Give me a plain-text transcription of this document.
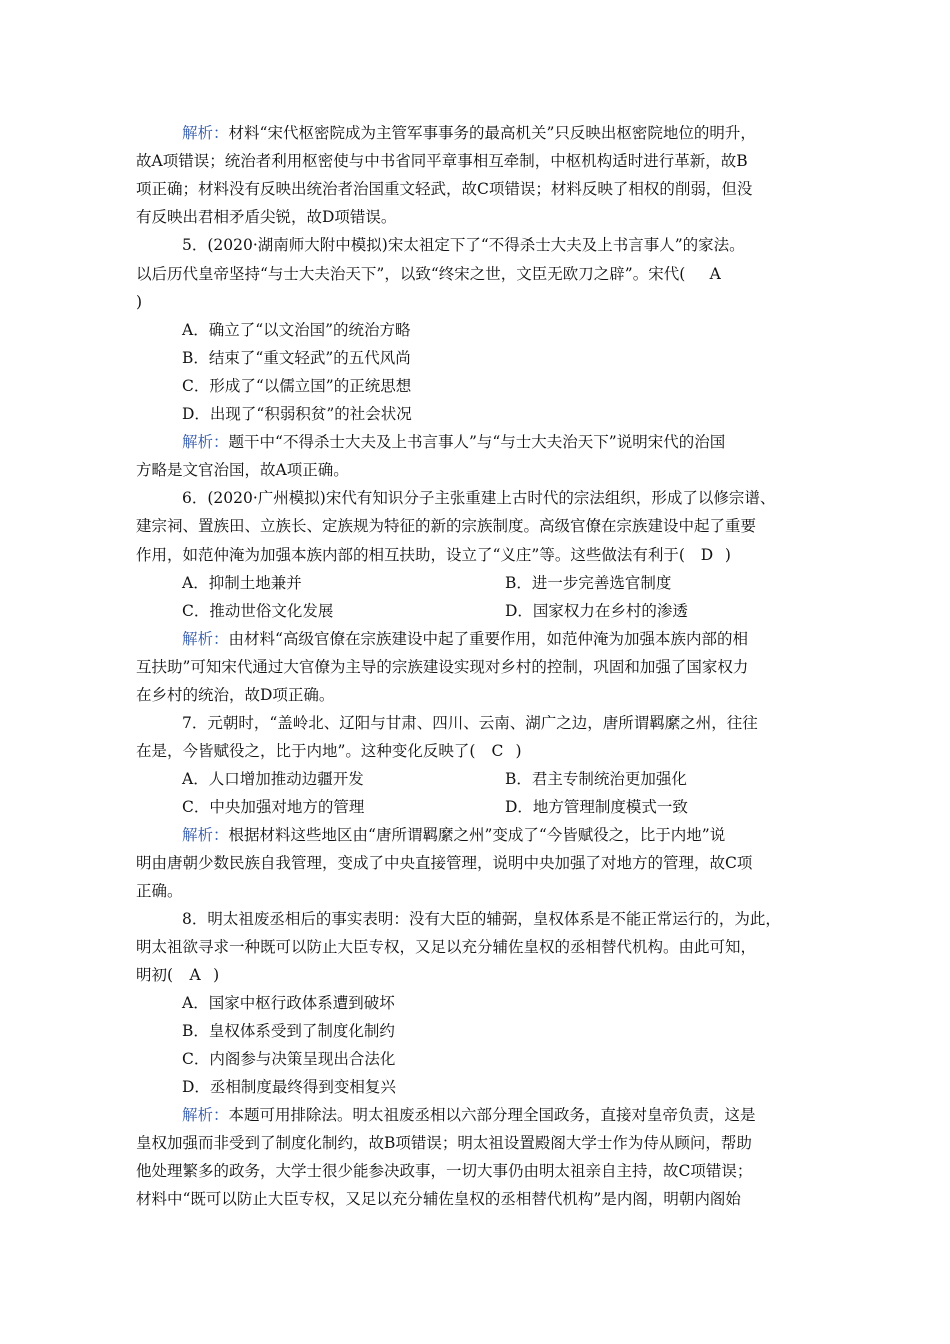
解析：材料“宋代枢密院成为主管军事事务的最高机关”只反映出枢密院地位的明升，
故A项错误；统治者利用枢密使与中书省同平章事相互牵制，中枢机构适时进行革新，故B
项正确；材料没有反映出统治者治国重文轻武，故C项错误；材料反映了相权的削弱，但没
有反映出君相矛盾尖锐，故D项错误。
5．(2020·湖南师大附中模拟)宋太祖定下了“不得杀士大夫及上书言事人”的家法。
以后历代皇帝坚持“与士大夫治天下”，以致“终宋之世，文臣无欧刀之辟”。宋代( A
)
A．确立了“以文治国”的统治方略
B．结束了“重文轻武”的五代风尚
C．形成了“以儒立国”的正统思想
D．出现了“积弱积贫”的社会状况
解析：题干中“不得杀士大夫及上书言事人”与“与士大夫治天下”说明宋代的治国
方略是文官治国，故A项正确。
6．(2020·广州模拟)宋代有知识分子主张重建上古时代的宗法组织，形成了以修宗谱、
建宗祠、置族田、立族长、定族规为特征的新的宗族制度。高级官僚在宗族建设中起了重要
作用，如范仲淹为加强本族内部的相互扶助，设立了“义庄”等。这些做法有利于( D )
A．抑制土地兼并	B．进一步完善选官制度
C．推动世俗文化发展	D．国家权力在乡村的渗透
解析：由材料“高级官僚在宗族建设中起了重要作用，如范仲淹为加强本族内部的相
互扶助”可知宋代通过大官僚为主导的宗族建设实现对乡村的控制，巩固和加强了国家权力
在乡村的统治，故D项正确。
7．元朝时，“盖岭北、辽阳与甘肃、四川、云南、湖广之边，唐所谓羁縻之州，往往
在是，今皆赋役之，比于内地”。这种变化反映了( C )
A．人口增加推动边疆开发	B．君主专制统治更加强化
C．中央加强对地方的管理	D．地方管理制度模式一致
解析：根据材料这些地区由“唐所谓羁縻之州”变成了“今皆赋役之，比于内地”说
明由唐朝少数民族自我管理，变成了中央直接管理，说明中央加强了对地方的管理，故C项
正确。
8．明太祖废丞相后的事实表明：没有大臣的辅弼，皇权体系是不能正常运行的，为此，
明太祖欲寻求一种既可以防止大臣专权，又足以充分辅佐皇权的丞相替代机构。由此可知，
明初( A )
A．国家中枢行政体系遭到破坏
B．皇权体系受到了制度化制约
C．内阁参与决策呈现出合法化
D．丞相制度最终得到变相复兴
解析：本题可用排除法。明太祖废丞相以六部分理全国政务，直接对皇帝负责，这是
皇权加强而非受到了制度化制约，故B项错误；明太祖设置殿阁大学士作为侍从顾问，帮助
他处理繁多的政务，大学士很少能参决政事，一切大事仍由明太祖亲自主持，故C项错误；
材料中“既可以防止大臣专权，又足以充分辅佐皇权的丞相替代机构”是内阁，明朝内阁始
